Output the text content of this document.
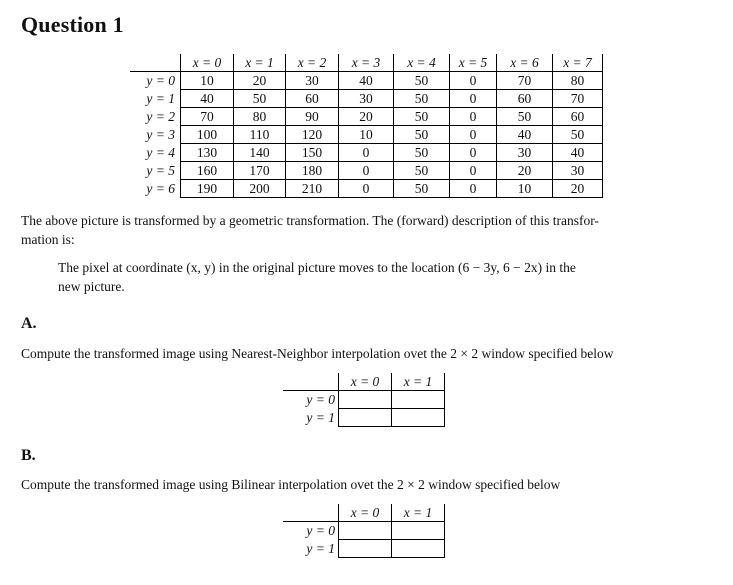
Question 1
	x = 0	x = 1	x = 2	x = 3	x = 4	x = 5	x = 6	x = 7
y = 0	10	20	30	40	50	0	70	80
y = 1	40	50	60	30	50	0	60	70
y = 2	70	80	90	20	50	0	50	60
y = 3	100	110	120	10	50	0	40	50
y = 4	130	140	150	0	50	0	30	40
y = 5	160	170	180	0	50	0	20	30
y = 6	190	200	210	0	50	0	10	20

The above picture is transformed by a geometric transformation. The (forward) description of this transfor-

mation is:

The pixel at coordinate (x, y) in the original picture moves to the location (6 − 3y, 6 − 2x) in the

new picture.

A.

Compute the transformed image using Nearest-Neighbor interpolation ovet the 2 × 2 window specified below

	x = 0	x = 1
y = 0		
y = 1		

B.

Compute the transformed image using Bilinear interpolation ovet the 2 × 2 window specified below

	x = 0	x = 1
y = 0		
y = 1		
